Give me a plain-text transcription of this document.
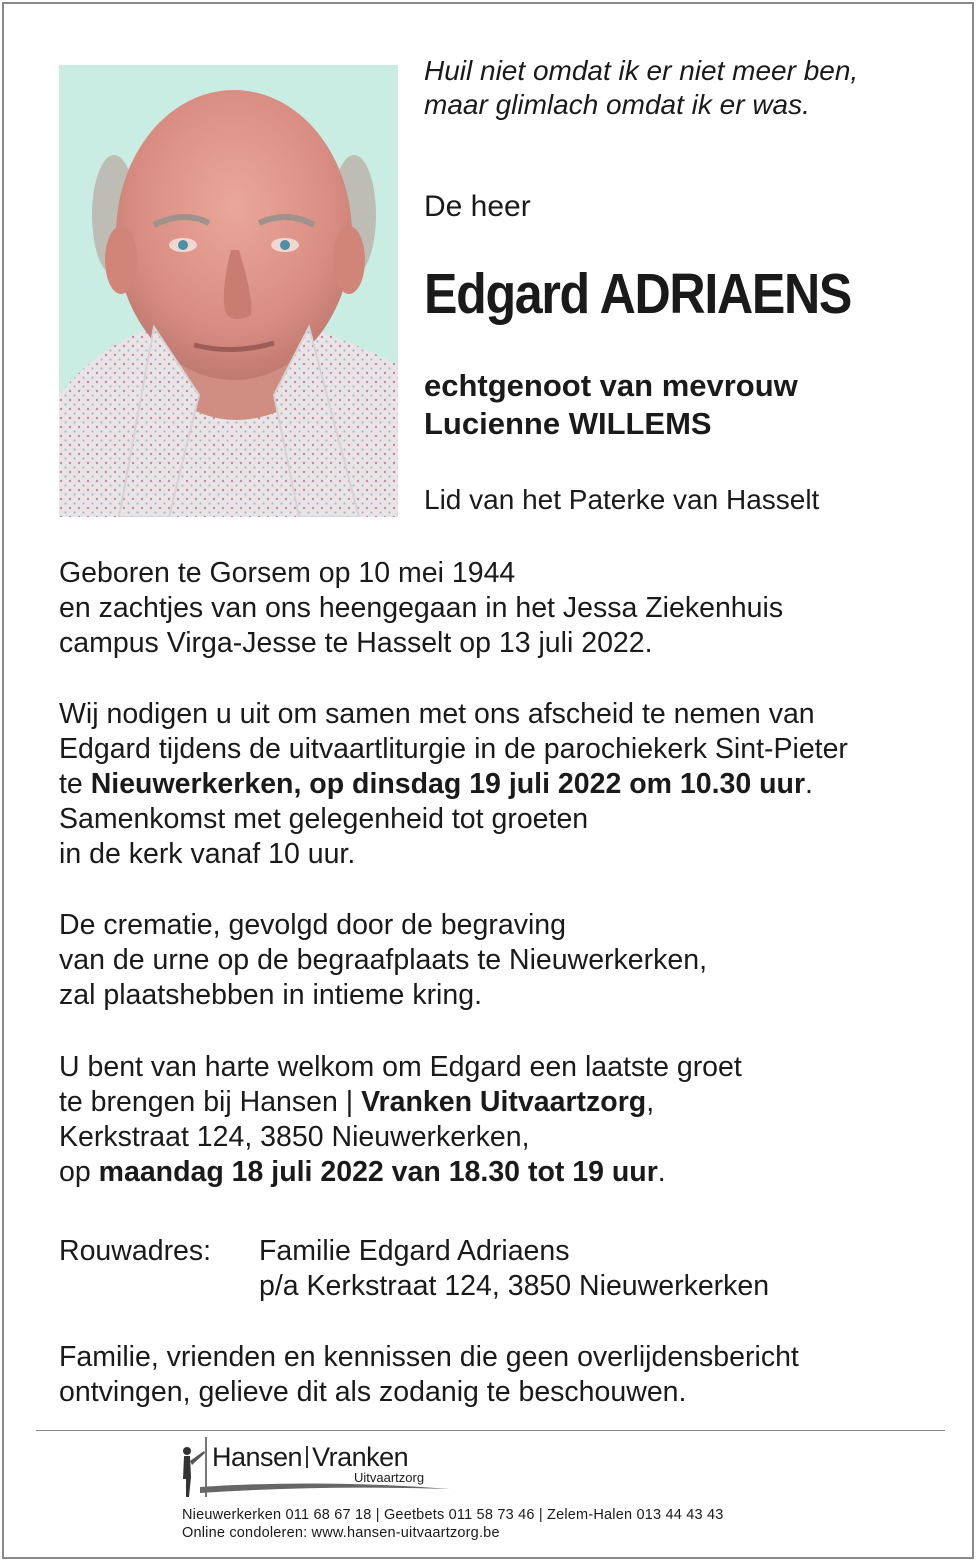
Huil niet omdat ik er niet meer ben,
maar glimlach omdat ik er was.

De heer

Edgard ADRIAENS

echtgenoot van mevrouw
Lucienne WILLEMS

Lid van het Paterke van Hasselt

Geboren te Gorsem op 10 mei 1944
en zachtjes van ons heengegaan in het Jessa Ziekenhuis
campus Virga-Jesse te Hasselt op 13 juli 2022.

Wij nodigen u uit om samen met ons afscheid te nemen van
Edgard tijdens de uitvaartliturgie in de parochiekerk Sint-Pieter
te Nieuwerkerken, op dinsdag 19 juli 2022 om 10.30 uur.
Samenkomst met gelegenheid tot groeten
in de kerk vanaf 10 uur.

De crematie, gevolgd door de begraving
van de urne op de begraafplaats te Nieuwerkerken,
zal plaatshebben in intieme kring.

U bent van harte welkom om Edgard een laatste groet
te brengen bij Hansen | Vranken Uitvaartzorg,
Kerkstraat 124, 3850 Nieuwerkerken,
op maandag 18 juli 2022 van 18.30 tot 19 uur.

Rouwadres: Familie Edgard Adriaens
p/a Kerkstraat 124, 3850 Nieuwerkerken

Familie, vrienden en kennissen die geen overlijdensbericht
ontvingen, gelieve dit als zodanig te beschouwen.

Hansen Vranken
Uitvaartzorg
Nieuwerkerken 011 68 67 18 | Geetbets 011 58 73 46 | Zelem-Halen 013 44 43 43
Online condoleren: www.hansen-uitvaartzorg.be
